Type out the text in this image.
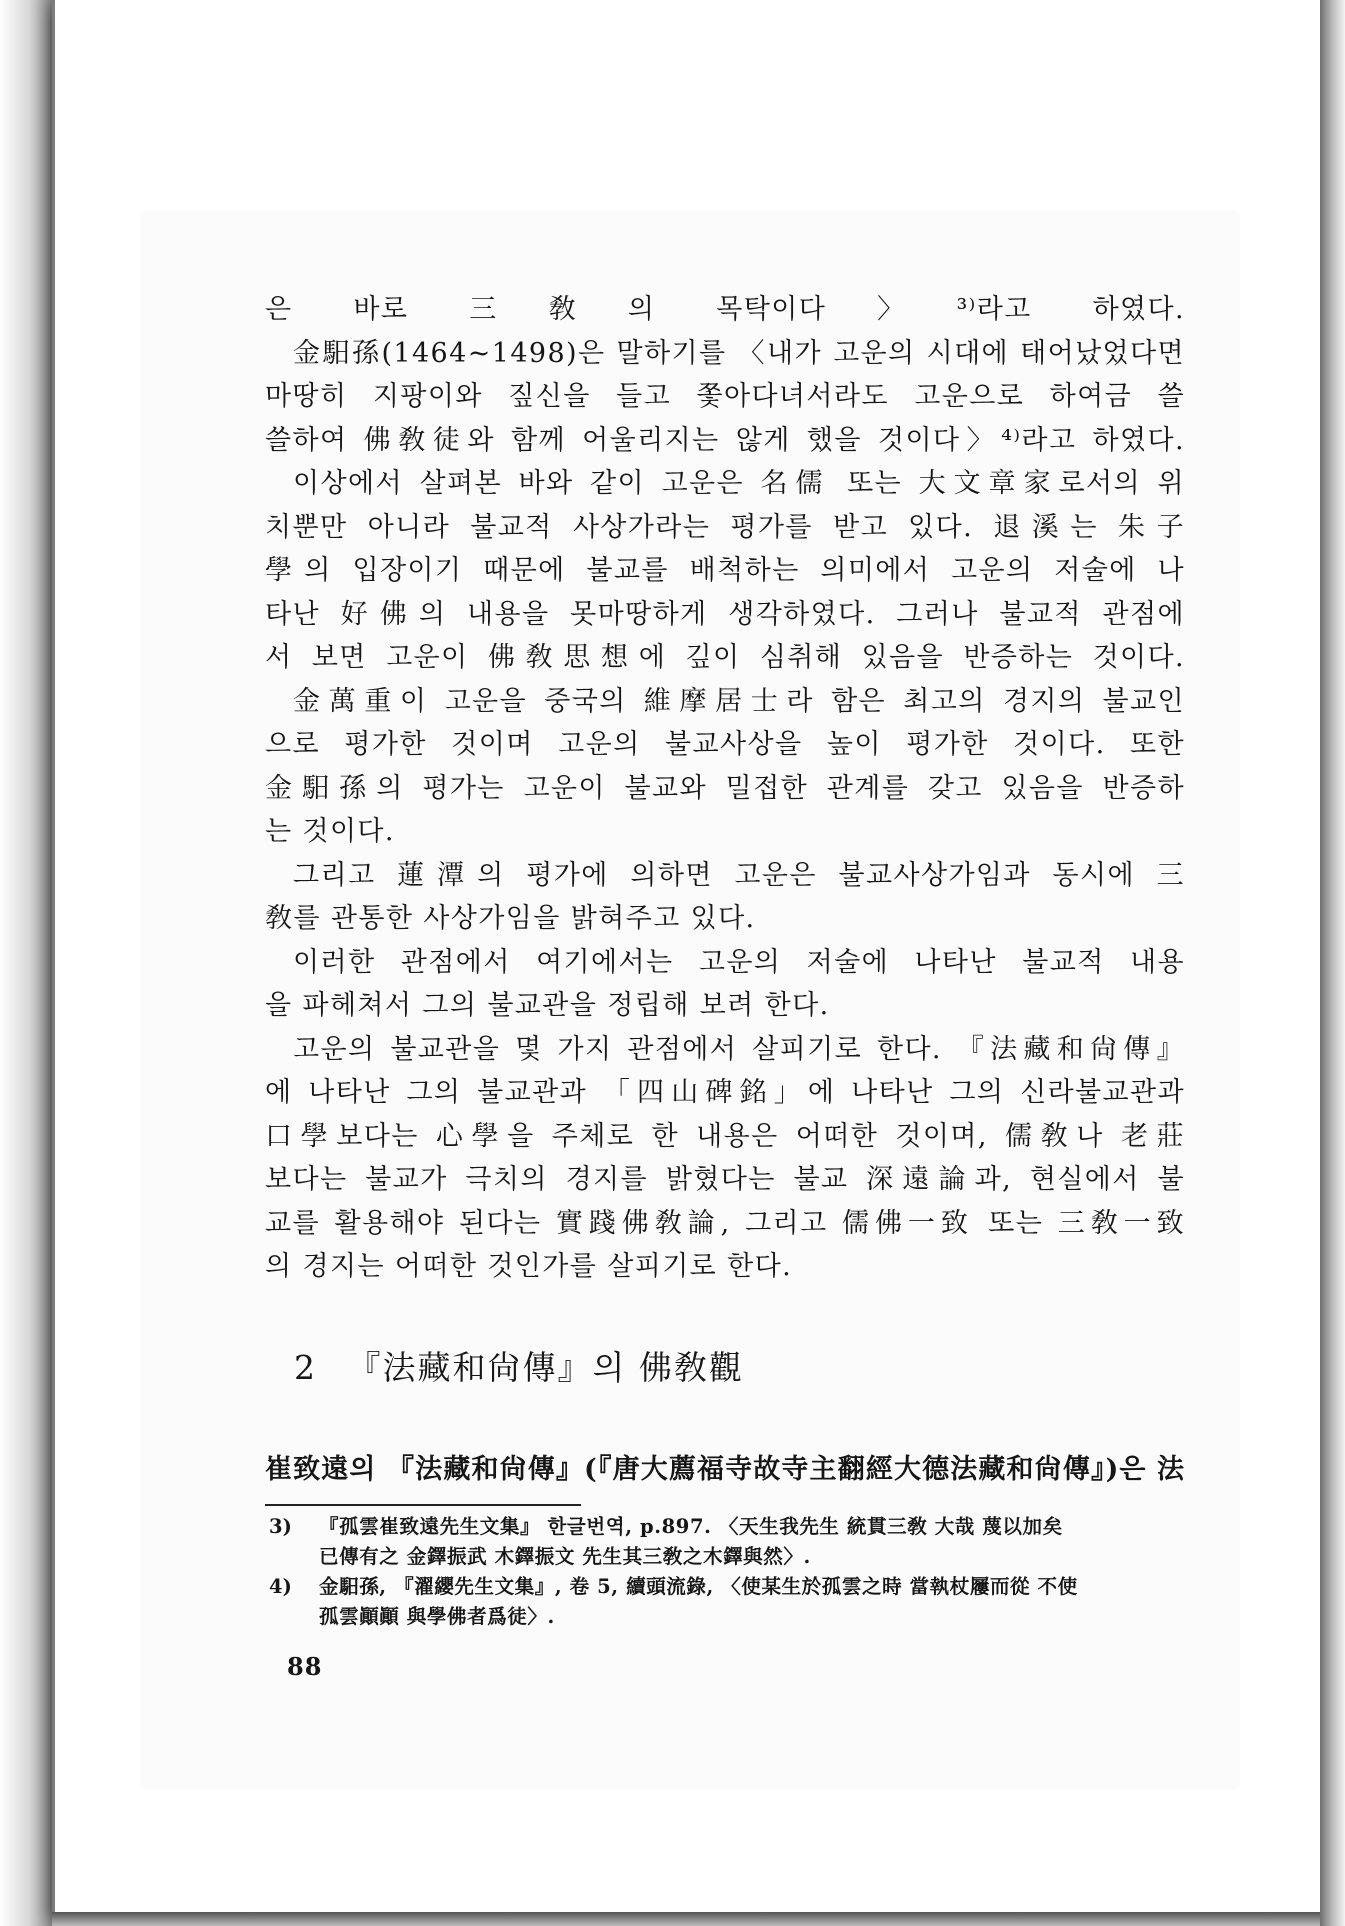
은 바로 三敎의 목탁이다〉³⁾라고 하였다.
金馹孫(1464~1498)은 말하기를 〈내가 고운의 시대에 태어났었다면
마땅히 지팡이와 짚신을 들고 쫓아다녀서라도 고운으로 하여금 쓸
쓸하여 佛敎徒와 함께 어울리지는 않게 했을 것이다〉⁴⁾라고 하였다.
이상에서 살펴본 바와 같이 고운은 名儒 또는 大文章家로서의 위
치뿐만 아니라 불교적 사상가라는 평가를 받고 있다. 退溪는 朱子
學의 입장이기 때문에 불교를 배척하는 의미에서 고운의 저술에 나
타난 好佛의 내용을 못마땅하게 생각하였다. 그러나 불교적 관점에
서 보면 고운이 佛敎思想에 깊이 심취해 있음을 반증하는 것이다.
金萬重이 고운을 중국의 維摩居士라 함은 최고의 경지의 불교인
으로 평가한 것이며 고운의 불교사상을 높이 평가한 것이다. 또한
金馹孫의 평가는 고운이 불교와 밀접한 관계를 갖고 있음을 반증하
는 것이다.
그리고 蓮潭의 평가에 의하면 고운은 불교사상가임과 동시에 三
敎를 관통한 사상가임을 밝혀주고 있다.
이러한 관점에서 여기에서는 고운의 저술에 나타난 불교적 내용
을 파헤쳐서 그의 불교관을 정립해 보려 한다.
고운의 불교관을 몇 가지 관점에서 살피기로 한다. 『法藏和尙傳』
에 나타난 그의 불교관과 「四山碑銘」에 나타난 그의 신라불교관과
口學보다는 心學을 주체로 한 내용은 어떠한 것이며, 儒敎나 老莊
보다는 불교가 극치의 경지를 밝혔다는 불교 深遠論과, 현실에서 불
교를 활용해야 된다는 實踐佛敎論, 그리고 儒佛一致 또는 三敎一致
의 경지는 어떠한 것인가를 살피기로 한다.
2 『法藏和尙傳』의 佛敎觀
崔致遠의 『法藏和尙傳』(『唐大薦福寺故寺主翻經大德法藏和尙傳』)은 法
3)	『孤雲崔致遠先生文集』 한글번역, p.897. 〈天生我先生 統貫三敎 大哉 蔑以加矣
已傳有之 金鐸振武 木鐸振文 先生其三敎之木鐸與然〉.
4)	金馹孫, 『濯纓先生文集』, 卷 5, 續頭流錄, 〈使某生於孤雲之時 當執杖屨而從 不使
孤雲顚顚 與學佛者爲徒〉.
88
